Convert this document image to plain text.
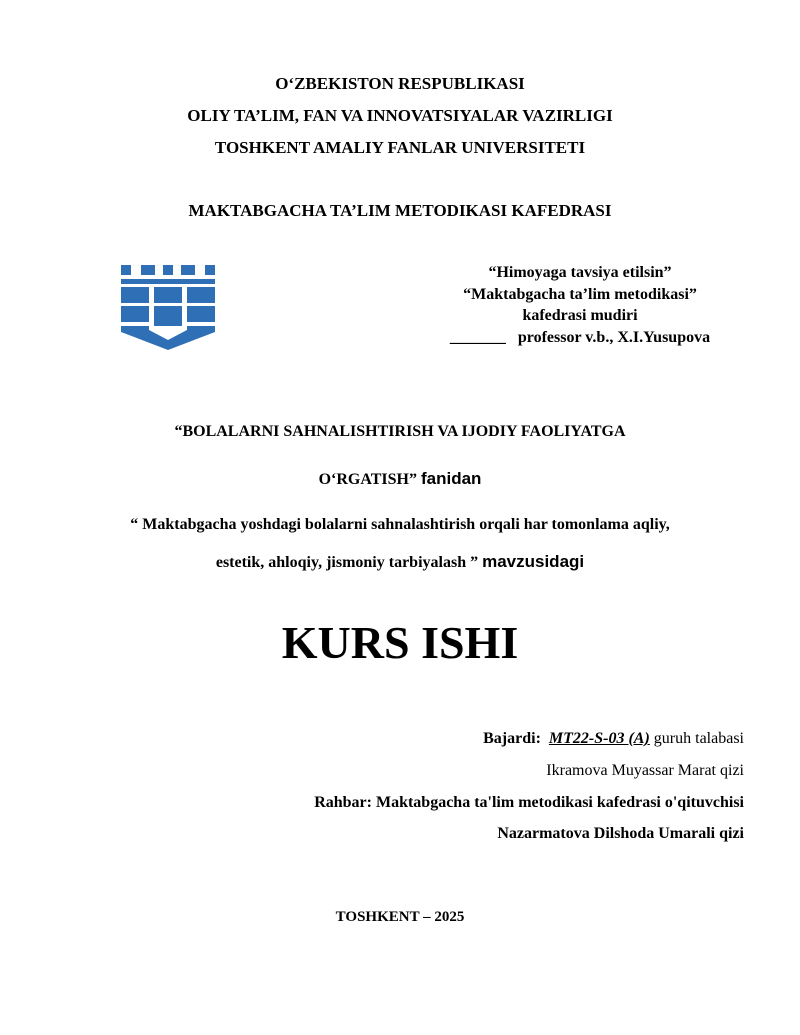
O‘ZBEKISTON RESPUBLIKASI
OLIY TA’LIM, FAN VA INNOVATSIYALAR VAZIRLIGI
TOSHKENT AMALIY FANLAR UNIVERSITETI
MAKTABGACHA TA’LIM METODIKASI KAFEDRASI
“Himoyaga tavsiya etilsin”
“Maktabgacha ta’lim metodikasi”
kafedrasi mudiri
_______ professor v.b., X.I.Yusupova
“BOLALARNI SAHNALISHTIRISH VA IJODIY FAOLIYATGA
O‘RGATISH” fanidan
“ Maktabgacha yoshdagi bolalarni sahnalashtirish orqali har tomonlama aqliy,
estetik, ahloqiy, jismoniy tarbiyalash ” mavzusidagi
KURS ISHI
Bajardi: MT22-S-03 (A) guruh talabasi
Ikramova Muyassar Marat qizi
Rahbar: Maktabgacha ta'lim metodikasi kafedrasi o'qituvchisi
Nazarmatova Dilshoda Umarali qizi
TOSHKENT – 2025
